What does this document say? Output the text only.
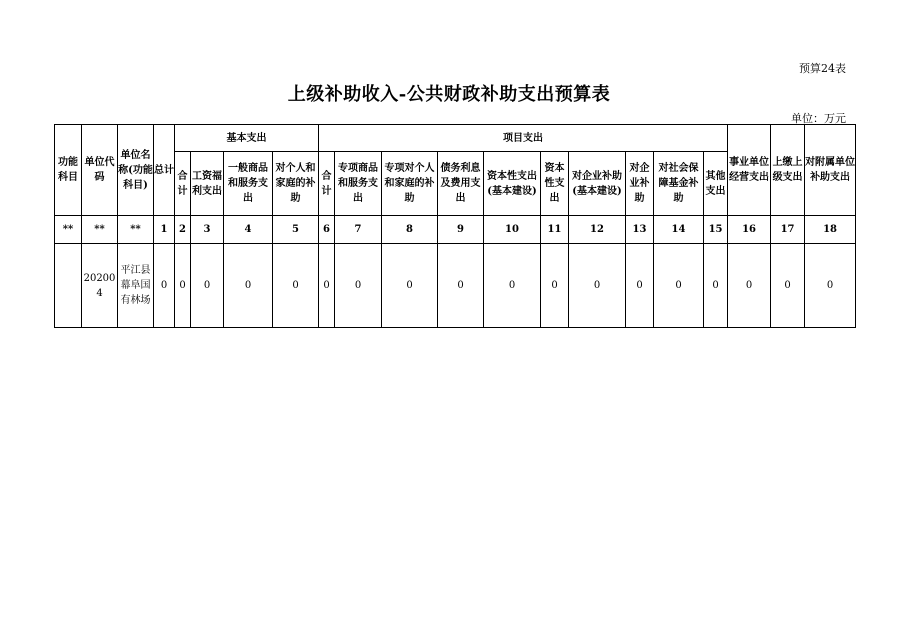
预算24表
上级补助收入-公共财政补助支出预算表
单位：万元
功能科目	单位代码	单位名称(功能科目)	总计	基本支出				项目支出										事业单位经营支出	上缴上级支出	对附属单位补助支出
				合计	工资福利支出	一般商品和服务支出	对个人和家庭的补助	合计	专项商品和服务支出	专项对个人和家庭的补助	债务利息及费用支出	资本性支出(基本建设)	资本性支出	对企业补助(基本建设)	对企业补助	对社会保障基金补助	其他支出			
**	**	**	1	2	3	4	5	6	7	8	9	10	11	12	13	14	15	16	17	18
	202004	平江县幕阜国有林场	0	0	0	0	0	0	0	0	0	0	0	0	0	0	0	0	0	0
